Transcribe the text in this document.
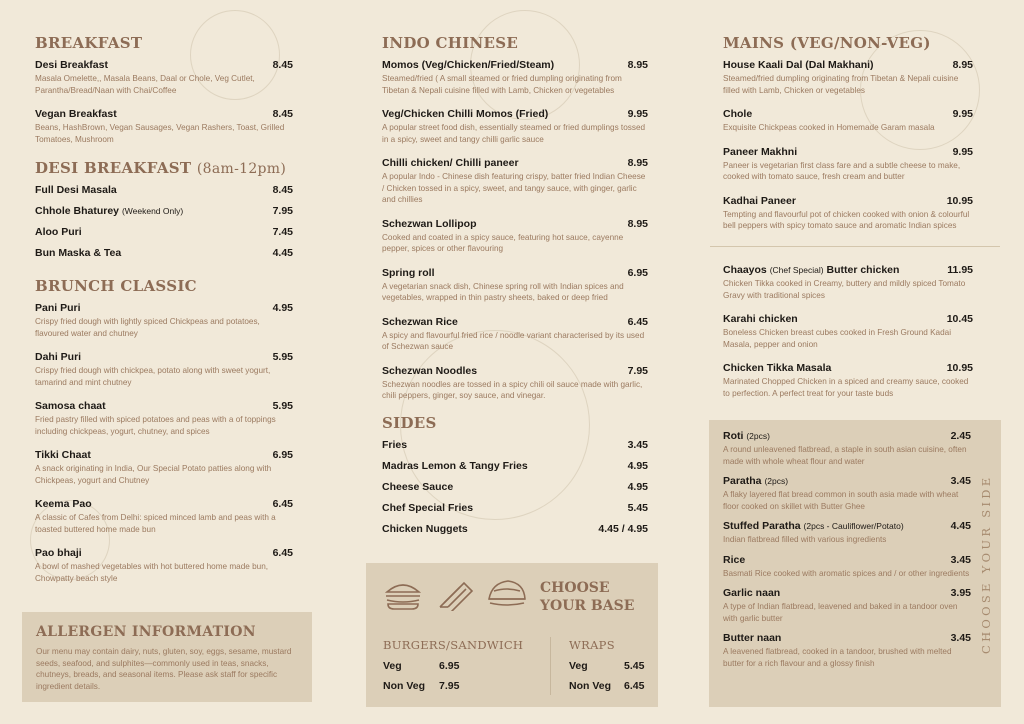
BREAKFAST
Desi Breakfast	8.45
Masala Omelette,, Masala Beans, Daal or Chole, Veg Cutlet, Parantha/Bread/Naan with Chai/Coffee
Vegan Breakfast	8.45
Beans, HashBrown, Vegan Sausages, Vegan Rashers, Toast, Grilled Tomatoes, Mushroom
DESI BREAKFAST (8am-12pm)
Full Desi Masala	8.45
Chhole Bhaturey (Weekend Only)	7.95
Aloo Puri	7.45
Bun Maska & Tea	4.45
BRUNCH CLASSIC
Pani Puri	4.95
Crispy fried dough with lightly spiced Chickpeas and potatoes, flavoured water and chutney
Dahi Puri	5.95
Crispy fried dough with chickpea, potato along with sweet yogurt, tamarind and mint chutney
Samosa chaat	5.95
Fried pastry filled with spiced potatoes and peas with a of toppings including chickpeas, yogurt, chutney, and spices
Tikki Chaat	6.95
A snack originating in India, Our Special Potato patties along with Chickpeas, yogurt and Chutney
Keema Pao	6.45
A classic of Cafes from Delhi: spiced minced lamb and peas with a toasted buttered home made bun
Pao bhaji	6.45
A bowl of mashed vegetables with hot buttered home made bun, Chowpatty beach style
ALLERGEN INFORMATION

Our menu may contain dairy, nuts, gluten, soy, eggs, sesame, mustard seeds, seafood, and sulphites—commonly used in teas, snacks, chutneys, breads, and seasonal items. Please ask staff for specific ingredient details.

INDO CHINESE
Momos (Veg/Chicken/Fried/Steam)	8.95
Steamed/fried ( A small steamed or fried dumpling originating from Tibetan & Nepali cuisine filled with Lamb, Chicken or vegetables
Veg/Chicken Chilli Momos (Fried)	9.95
A popular street food dish, essentially steamed or fried dumplings tossed in a spicy, sweet and tangy chilli garlic sauce
Chilli chicken/ Chilli paneer	8.95
A popular Indo - Chinese dish featuring crispy, batter fried Indian Cheese / Chicken tossed in a spicy, sweet, and tangy sauce, with ginger, garlic and chillies
Schezwan Lollipop	8.95
Cooked and coated in a spicy sauce, featuring hot sauce, cayenne pepper, spices or other flavouring
Spring roll	6.95
A vegetarian snack dish, Chinese spring roll with Indian spices and vegetables, wrapped in thin pastry sheets, baked or deep fried
Schezwan Rice	6.45
A spicy and flavourful fried rice / noodle variant characterised by its used of Schezwan sauce
Schezwan Noodles	7.95
Schezwan noodles are tossed in a spicy chili oil sauce made with garlic, chili peppers, ginger, soy sauce, and vinegar.
SIDES
Fries	3.45
Madras Lemon & Tangy Fries	4.95
Cheese Sauce	4.95
Chef Special Fries	5.45
Chicken Nuggets	4.45 / 4.95
CHOOSE
YOUR BASE
BURGERS/SANDWICH
Veg	6.95
Non Veg	7.95
WRAPS
Veg	5.45
Non Veg	6.45
MAINS (VEG/NON-VEG)
House Kaali Dal (Dal Makhani)	8.95
Steamed/fried dumpling originating from Tibetan & Nepali cuisine filled with Lamb, Chicken or vegetables
Chole	9.95
Exquisite Chickpeas cooked in Homemade Garam masala
Paneer Makhni	9.95
Paneer is vegetarian first class fare and a subtle cheese to make, cooked with tomato sauce, fresh cream and butter
Kadhai Paneer	10.95
Tempting and flavourful pot of chicken cooked with onion & colourful bell peppers with spicy tomato sauce and aromatic Indian spices
Chaayos (Chef Special) Butter chicken	11.95
Chicken Tikka cooked in Creamy, buttery and mildly spiced Tomato Gravy with traditional spices
Karahi chicken	10.45
Boneless Chicken breast cubes cooked in Fresh Ground Kadai Masala, pepper and onion
Chicken Tikka Masala	10.95
Marinated Chopped Chicken in a spiced and creamy sauce, cooked to perfection. A perfect treat for your taste buds
Roti (2pcs)	2.45
A round unleavened flatbread, a staple in south asian cuisine, often made with whole wheat flour and water
Paratha (2pcs)	3.45
A flaky layered flat bread common in south asia made with wheat floor cooked on skillet with Butter Ghee
Stuffed Paratha (2pcs - Cauliflower/Potato)	4.45
Indian flatbread filled with various ingredients
Rice	3.45
Basmati Rice cooked with aromatic spices and / or other ingredients
Garlic naan	3.95
A type of Indian flatbread, leavened and baked in a tandoor oven with garlic butter
Butter naan	3.45
A leavened flatbread, cooked in a tandoor, brushed with melted butter for a rich flavour and a glossy finish
CHOOSE YOUR SIDE
